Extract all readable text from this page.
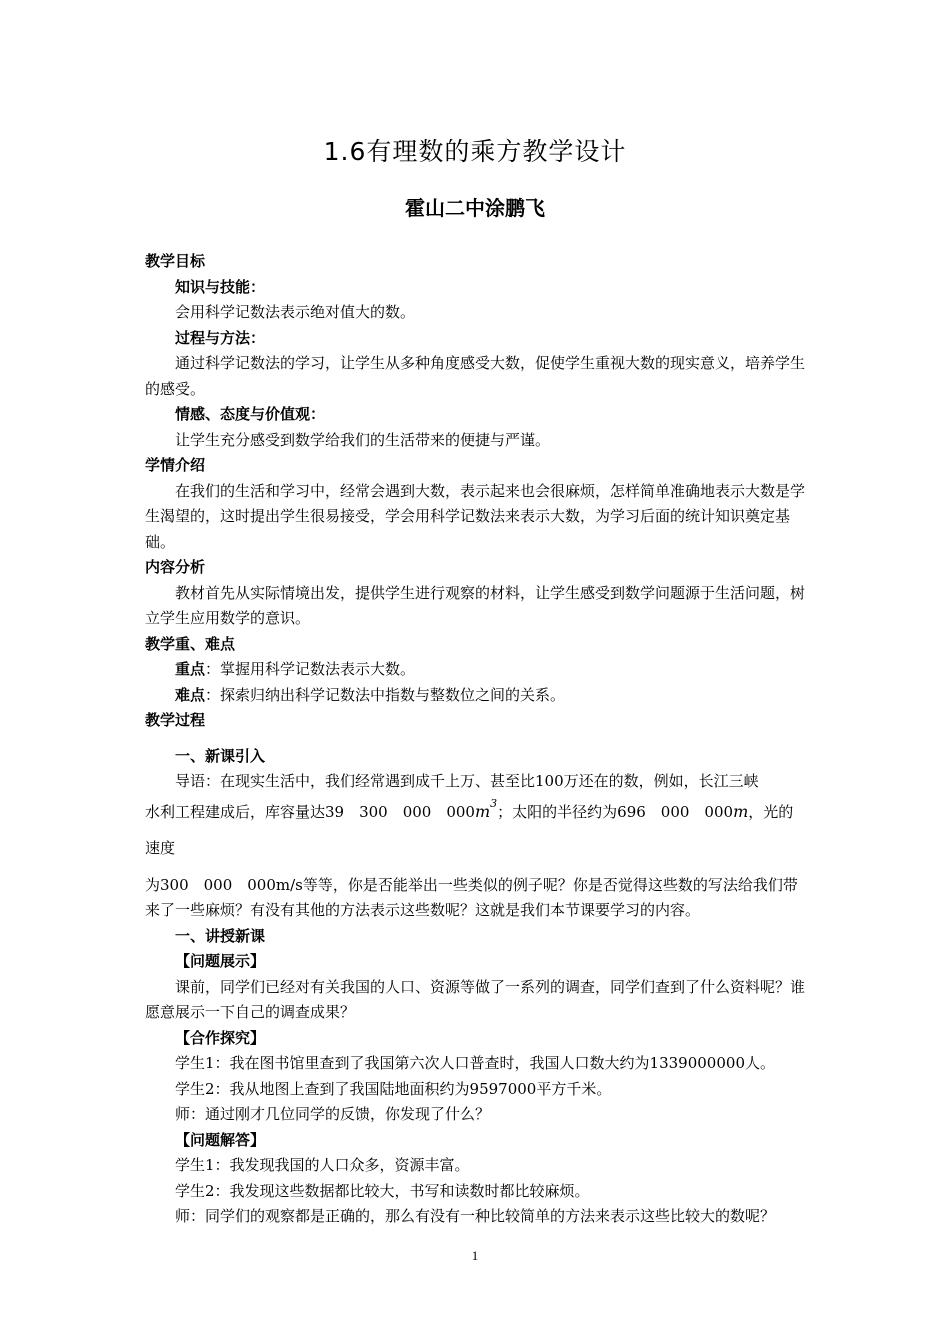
1.6有理数的乘方教学设计
霍山二中涂鹏飞

教学目标

知识与技能：

会用科学记数法表示绝对值大的数。

过程与方法：

通过科学记数法的学习，让学生从多种角度感受大数，促使学生重视大数的现实意义，培养学生的感受。

情感、态度与价值观：

让学生充分感受到数学给我们的生活带来的便捷与严谨。

学情介绍

在我们的生活和学习中，经常会遇到大数，表示起来也会很麻烦，怎样简单准确地表示大数是学生渴望的，这时提出学生很易接受，学会用科学记数法来表示大数，为学习后面的统计知识奠定基础。

内容分析

教材首先从实际情境出发，提供学生进行观察的材料，让学生感受到数学问题源于生活问题，树立学生应用数学的意识。

教学重、难点

重点：掌握用科学记数法表示大数。

难点：探索归纳出科学记数法中指数与整数位之间的关系。

教学过程

一、新课引入

导语：在现实生活中，我们经常遇到成千上万、甚至比100万还在的数，例如，长江三峡

水利工程建成后，库容量达39　300　000　$000m^3$；太阳的半径约为696　000　000m，光的速度

为300　000　000m/s等等，你是否能举出一些类似的例子呢？你是否觉得这些数的写法给我们带来了一些麻烦？有没有其他的方法表示这些数呢？这就是我们本节课要学习的内容。

一、讲授新课

【问题展示】

课前，同学们已经对有关我国的人口、资源等做了一系列的调查，同学们查到了什么资料呢？谁愿意展示一下自己的调查成果？

【合作探究】

学生1：我在图书馆里查到了我国第六次人口普查时，我国人口数大约为1339000000人。

学生2：我从地图上查到了我国陆地面积约为9597000平方千米。

师：通过刚才几位同学的反馈，你发现了什么？

【问题解答】

学生1：我发现我国的人口众多，资源丰富。

学生2：我发现这些数据都比较大，书写和读数时都比较麻烦。

师：同学们的观察都是正确的，那么有没有一种比较简单的方法来表示这些比较大的数呢？

1
